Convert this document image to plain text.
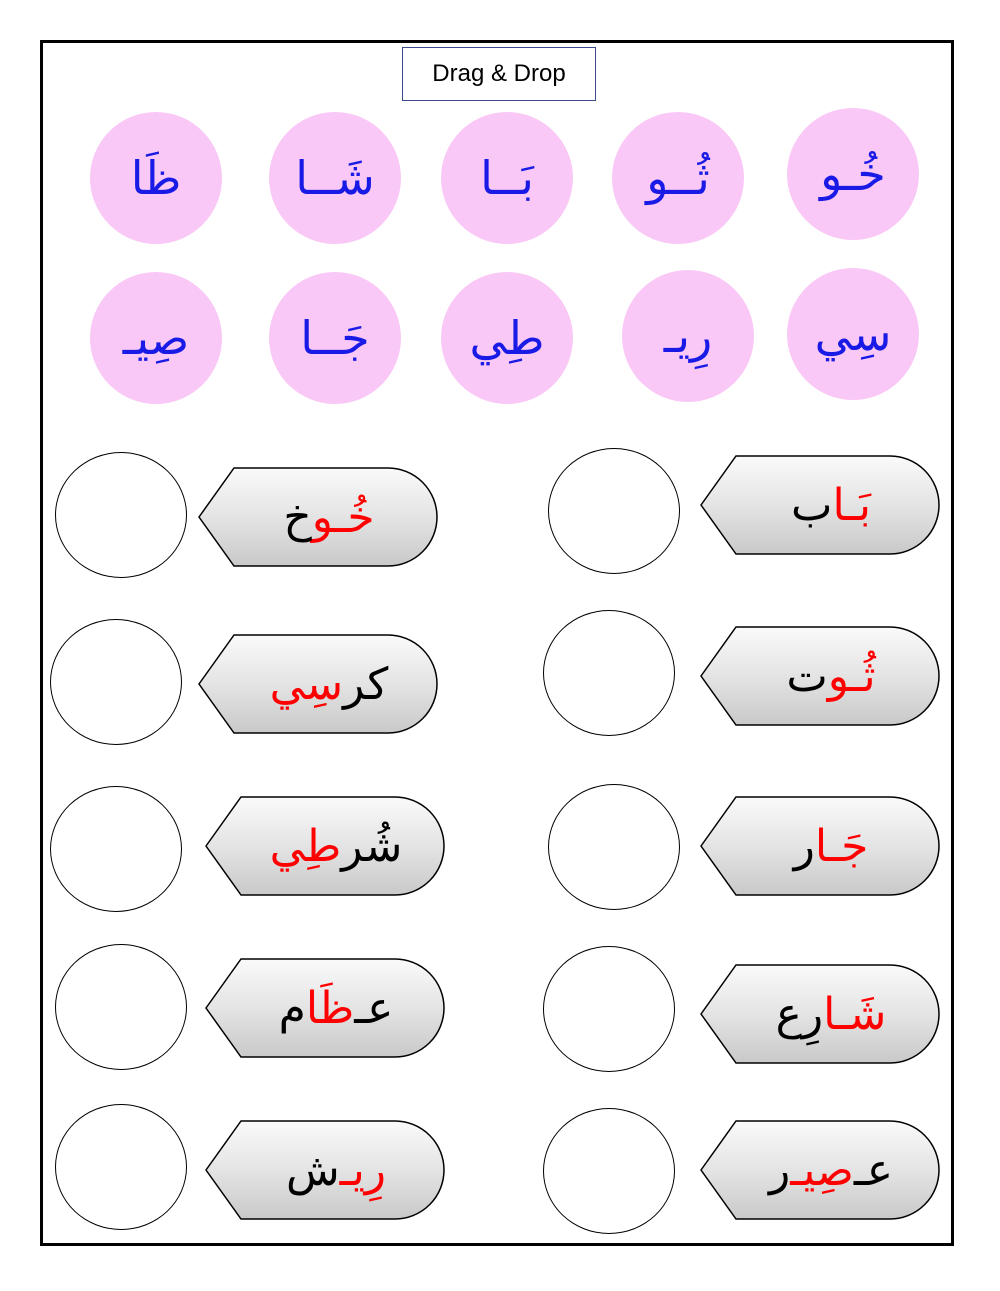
Drag & Drop
ظَا	شَــا	بَــا	ثُــو	خُـو
صِيـ	جَــا	طِي	رِيـ	سِي
خُـو
خ
كر
سِي
شُر
طِي
عـ
ظَا
م
رِيـ
ش
بَـا
ب
ثُـو
ت
جَـا
ر
شَـا
رِع
عـ
صِيـ
ر
